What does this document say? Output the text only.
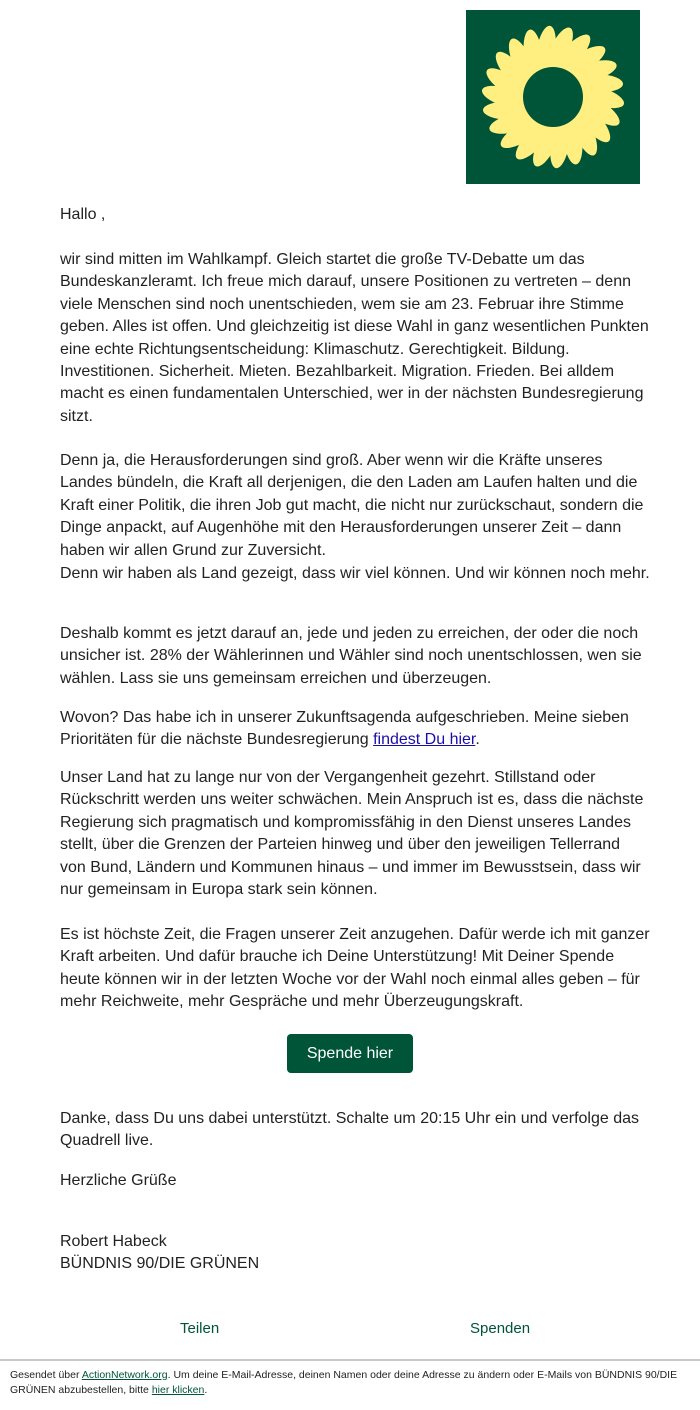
Hallo ,

wir sind mitten im Wahlkampf. Gleich startet die große TV-Debatte um das Bundeskanzleramt. Ich freue mich darauf, unsere Positionen zu vertreten – denn viele Menschen sind noch unentschieden, wem sie am 23. Februar ihre Stimme geben. Alles ist offen. Und gleichzeitig ist diese Wahl in ganz wesentlichen Punkten eine echte Richtungsentscheidung: Klimaschutz. Gerechtigkeit. Bildung. Investitionen. Sicherheit. Mieten. Bezahlbarkeit. Migration. Frieden. Bei alldem macht es einen fundamentalen Unterschied, wer in der nächsten Bundesregierung sitzt.

Denn ja, die Herausforderungen sind groß. Aber wenn wir die Kräfte unseres Landes bündeln, die Kraft all derjenigen, die den Laden am Laufen halten und die Kraft einer Politik, die ihren Job gut macht, die nicht nur zurückschaut, sondern die Dinge anpackt, auf Augenhöhe mit den Herausforderungen unserer Zeit – dann haben wir allen Grund zur Zuversicht.

Denn wir haben als Land gezeigt, dass wir viel können. Und wir können noch mehr.

Deshalb kommt es jetzt darauf an, jede und jeden zu erreichen, der oder die noch unsicher ist. 28% der Wählerinnen und Wähler sind noch unentschlossen, wen sie wählen. Lass sie uns gemeinsam erreichen und überzeugen.

Wovon? Das habe ich in unserer Zukunftsagenda aufgeschrieben. Meine sieben Prioritäten für die nächste Bundesregierung findest Du hier.

Unser Land hat zu lange nur von der Vergangenheit gezehrt. Stillstand oder Rückschritt werden uns weiter schwächen. Mein Anspruch ist es, dass die nächste Regierung sich pragmatisch und kompromissfähig in den Dienst unseres Landes stellt, über die Grenzen der Parteien hinweg und über den jeweiligen Tellerrand von Bund, Ländern und Kommunen hinaus – und immer im Bewusstsein, dass wir nur gemeinsam in Europa stark sein können.

Es ist höchste Zeit, die Fragen unserer Zeit anzugehen. Dafür werde ich mit ganzer Kraft arbeiten. Und dafür brauche ich Deine Unterstützung! Mit Deiner Spende heute können wir in der letzten Woche vor der Wahl noch einmal alles geben – für mehr Reichweite, mehr Gespräche und mehr Überzeugungskraft.

Danke, dass Du uns dabei unterstützt. Schalte um 20:15 Uhr ein und verfolge das Quadrell live.

Herzliche Grüße

Robert Habeck

BÜNDNIS 90/DIE GRÜNEN

Spende hier
Teilen	Spenden
Gesendet über ActionNetwork.org. Um deine E-Mail-Adresse, deinen Namen oder deine Adresse zu ändern oder E-Mails von BÜNDNIS 90/DIE GRÜNEN abzubestellen, bitte hier klicken.
